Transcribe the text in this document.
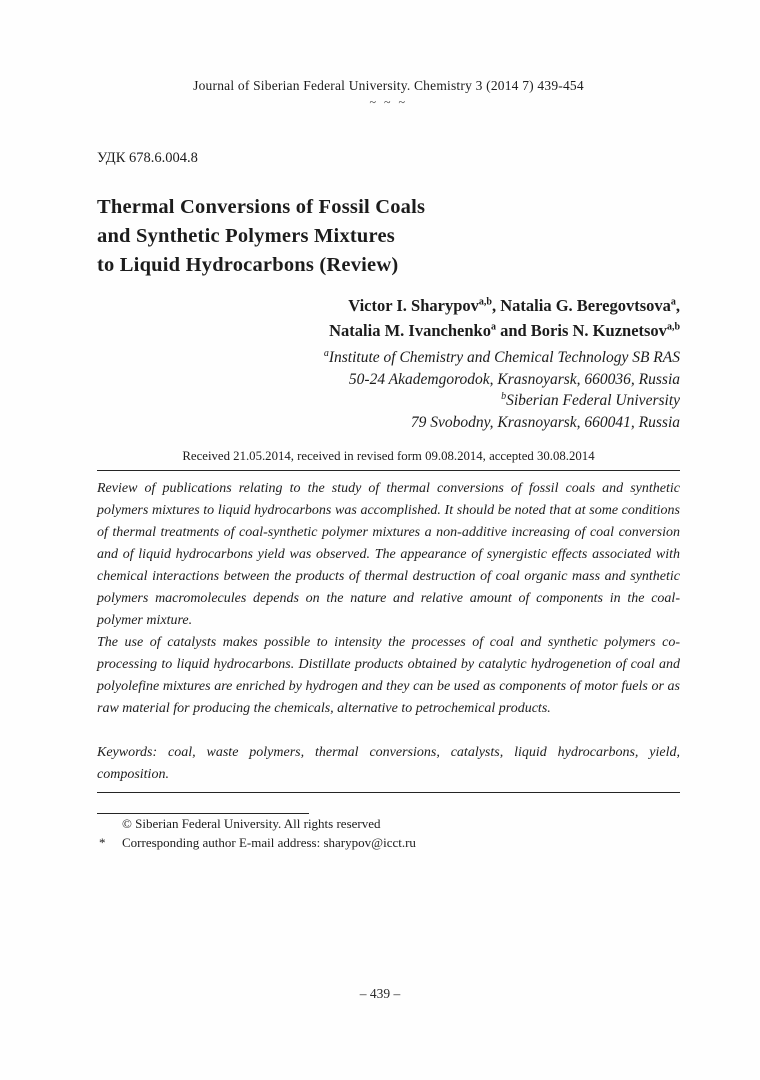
Journal of Siberian Federal University. Chemistry 3 (2014 7) 439-454
~ ~ ~
УДК 678.6.004.8
Thermal Conversions of Fossil Coals
and Synthetic Polymers Mixtures
to Liquid Hydrocarbons (Review)
Victor I. Sharypov$^{a,b}$, Natalia G. Beregovtsova$^a$,
Natalia M. Ivanchenko$^a$ and Boris N. Kuznetsov$^{a,b}$
$^a$Institute of Chemistry and Chemical Technology SB RAS
50-24 Akademgorodok, Krasnoyarsk, 660036, Russia
$^b$Siberian Federal University
79 Svobodny, Krasnoyarsk, 660041, Russia
Received 21.05.2014, received in revised form 09.08.2014, accepted 30.08.2014

Review of publications relating to the study of thermal conversions of fossil coals and synthetic polymers mixtures to liquid hydrocarbons was accomplished. It should be noted that at some conditions of thermal treatments of coal-synthetic polymer mixtures a non-additive increasing of coal conversion and of liquid hydrocarbons yield was observed. The appearance of synergistic effects associated with chemical interactions between the products of thermal destruction of coal organic mass and synthetic polymers macromolecules depends on the nature and relative amount of components in the coal-polymer mixture.

The use of catalysts makes possible to intensity the processes of coal and synthetic polymers co-processing to liquid hydrocarbons. Distillate products obtained by catalytic hydrogenetion of coal and polyolefine mixtures are enriched by hydrogen and they can be used as components of motor fuels or as raw material for producing the chemicals, alternative to petrochemical products.

Keywords: coal, waste polymers, thermal conversions, catalysts, liquid hydrocarbons, yield, composition.

© Siberian Federal University. All rights reserved
* Corresponding author E-mail address: sharypov@icct.ru
– 439 –
